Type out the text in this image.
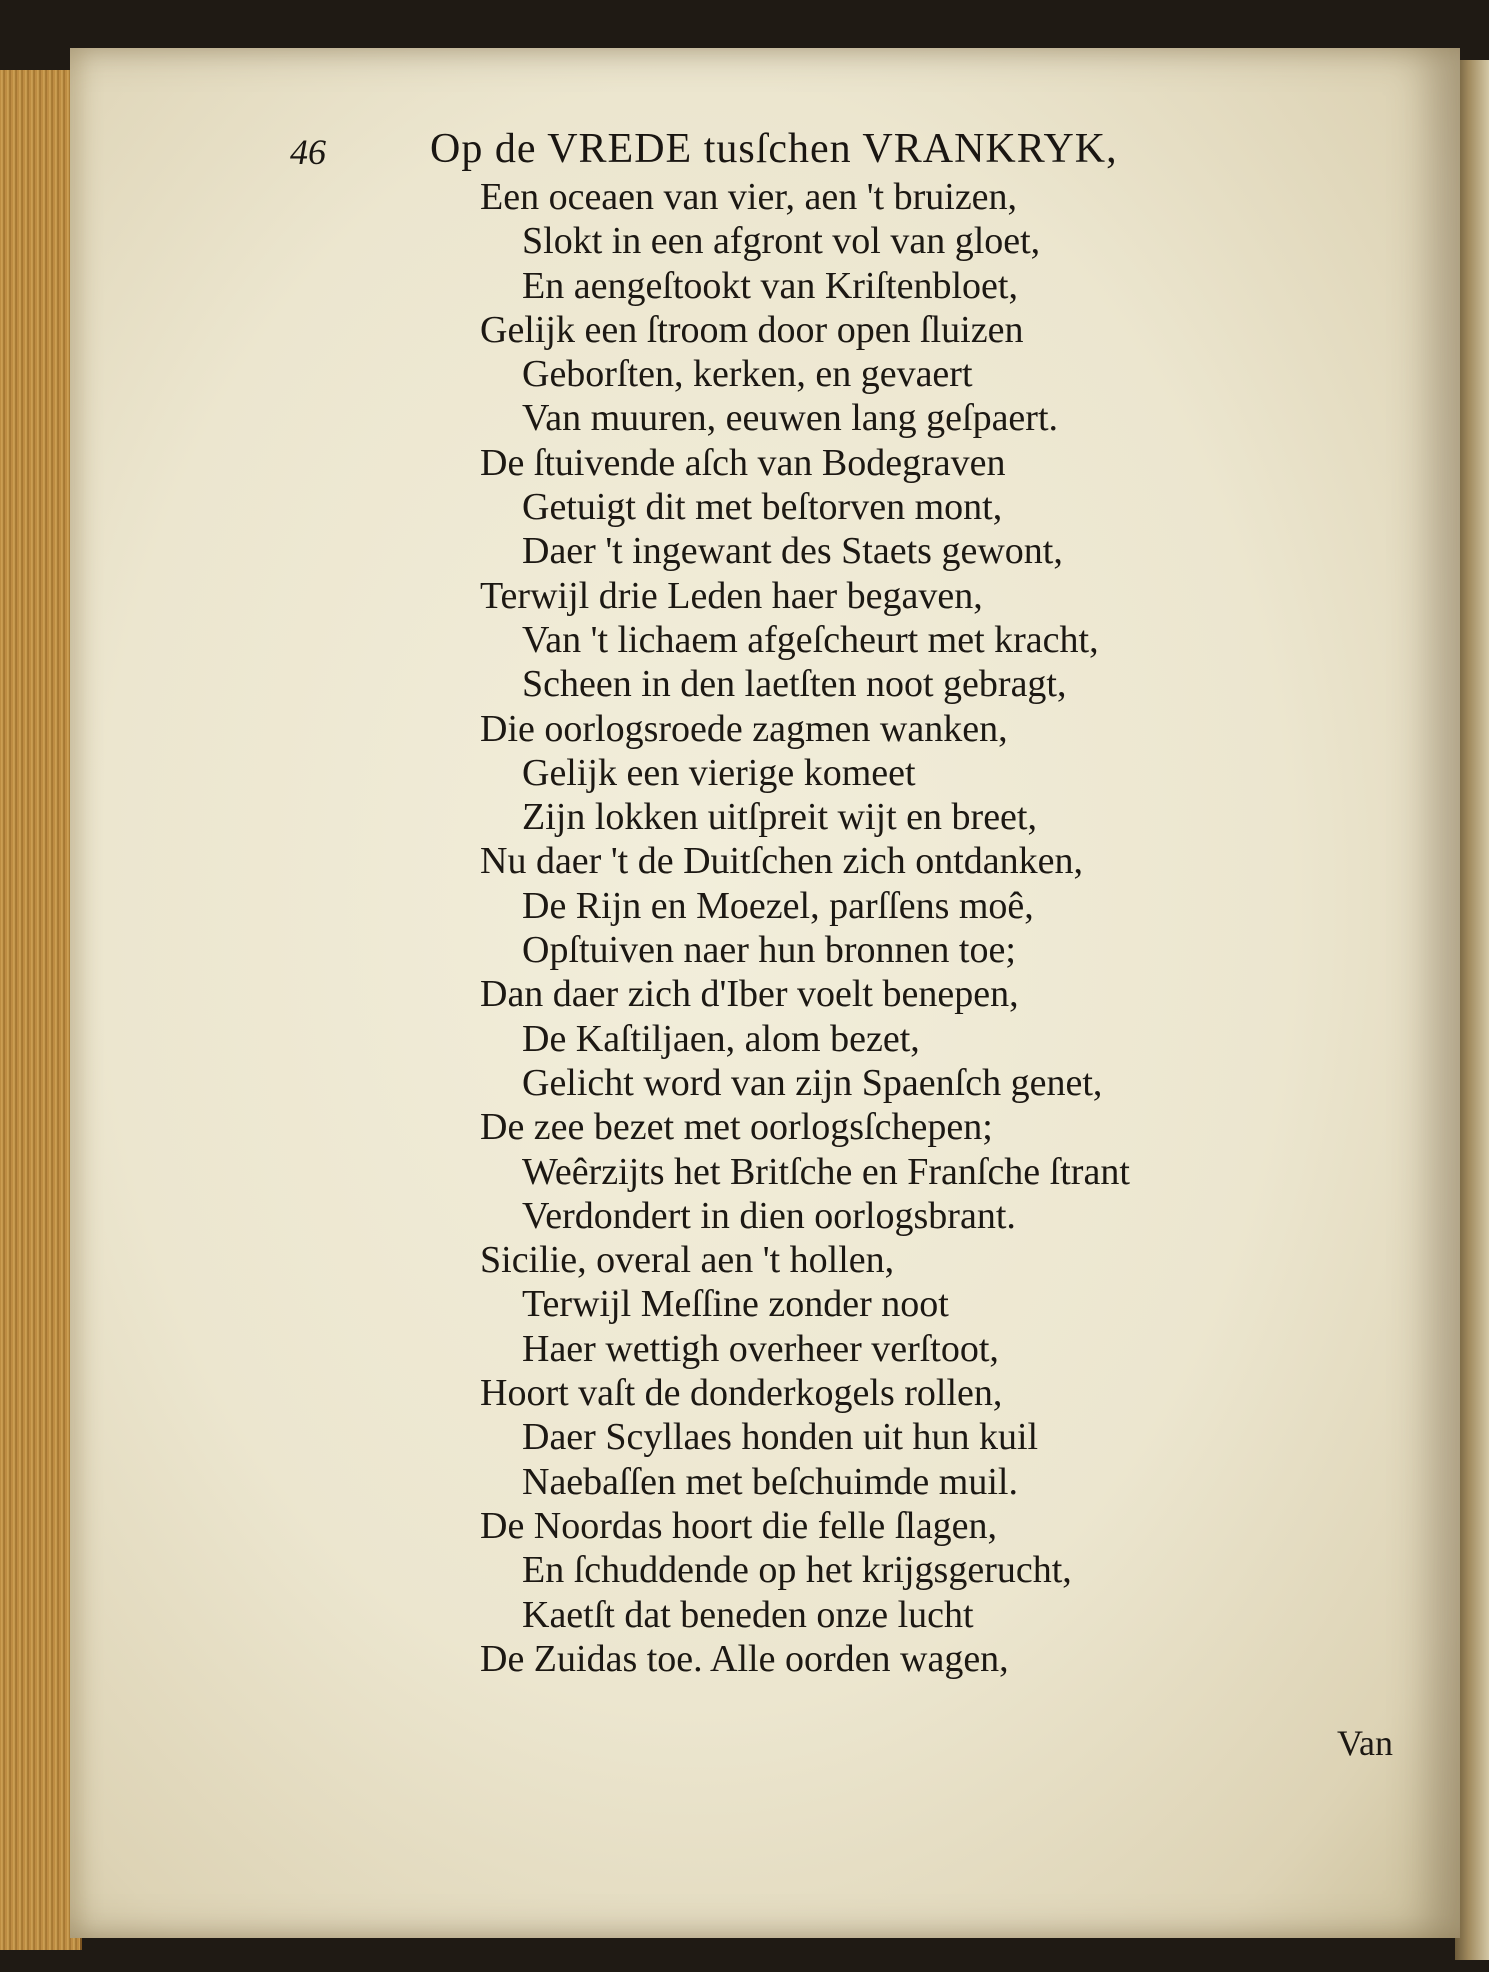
46 Op de VREDE tusſchen VRANKRYK,
Een oceaen van vier, aen 't bruizen,
Slokt in een afgront vol van gloet,
En aengeſtookt van Kriſtenbloet,
Gelijk een ſtroom door open ſluizen
Geborſten, kerken, en gevaert
Van muuren, eeuwen lang geſpaert.
De ſtuivende aſch van Bodegraven
Getuigt dit met beſtorven mont,
Daer 't ingewant des Staets gewont,
Terwijl drie Leden haer begaven,
Van 't lichaem afgeſcheurt met kracht,
Scheen in den laetſten noot gebragt,
Die oorlogsroede zagmen wanken,
Gelijk een vierige komeet
Zijn lokken uitſpreit wijt en breet,
Nu daer 't de Duitſchen zich ontdanken,
De Rijn en Moezel, parſſens moê,
Opſtuiven naer hun bronnen toe;
Dan daer zich d'Iber voelt benepen,
De Kaſtiljaen, alom bezet,
Gelicht word van zijn Spaenſch genet,
De zee bezet met oorlogsſchepen;
Weêrzijts het Britſche en Franſche ſtrant
Verdondert in dien oorlogsbrant.
Sicilie, overal aen 't hollen,
Terwijl Meſſine zonder noot
Haer wettigh overheer verſtoot,
Hoort vaſt de donderkogels rollen,
Daer Scyllaes honden uit hun kuil
Naebaſſen met beſchuimde muil.
De Noordas hoort die felle ſlagen,
En ſchuddende op het krijgsgerucht,
Kaetſt dat beneden onze lucht
De Zuidas toe. Alle oorden wagen,
Van
